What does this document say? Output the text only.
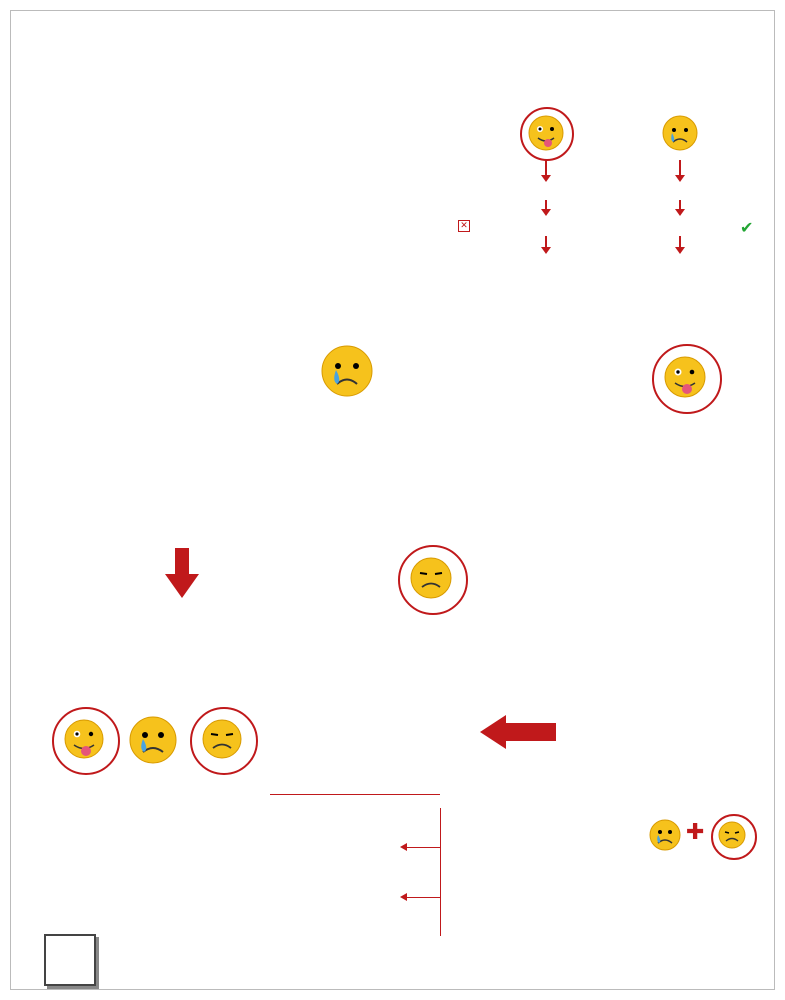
✕	✔
✚
